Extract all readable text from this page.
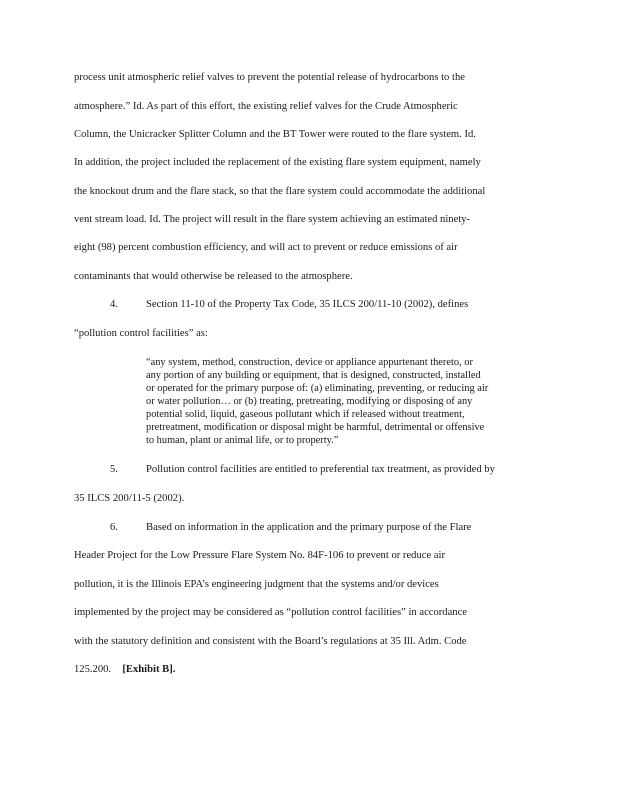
process unit atmospheric relief valves to prevent the potential release of hydrocarbons to the
atmosphere.” Id. As part of this effort, the existing relief valves for the Crude Atmospheric
Column, the Unicracker Splitter Column and the BT Tower were routed to the flare system. Id.
In addition, the project included the replacement of the existing flare system equipment, namely
the knockout drum and the flare stack, so that the flare system could accommodate the additional
vent stream load. Id. The project will result in the flare system achieving an estimated ninety-
eight (98) percent combustion efficiency, and will act to prevent or reduce emissions of air
contaminants that would otherwise be released to the atmosphere.
4.	Section 11-10 of the Property Tax Code, 35 ILCS 200/11-10 (2002), defines
“pollution control facilities” as:
“any system, method, construction, device or appliance appurtenant thereto, or
any portion of any building or equipment, that is designed, constructed, installed
or operated for the primary purpose of: (a) eliminating, preventing, or reducing air
or water pollution… or (b) treating, pretreating, modifying or disposing of any
potential solid, liquid, gaseous pollutant which if released without treatment,
pretreatment, modification or disposal might be harmful, detrimental or offensive
to human, plant or animal life, or to property.”
5.	Pollution control facilities are entitled to preferential tax treatment, as provided by
35 ILCS 200/11-5 (2002).
6.	Based on information in the application and the primary purpose of the Flare
Header Project for the Low Pressure Flare System No. 84F-106 to prevent or reduce air
pollution, it is the Illinois EPA’s engineering judgment that the systems and/or devices
implemented by the project may be considered as “pollution control facilities” in accordance
with the statutory definition and consistent with the Board’s regulations at 35 Ill. Adm. Code
125.200. [Exhibit B].
